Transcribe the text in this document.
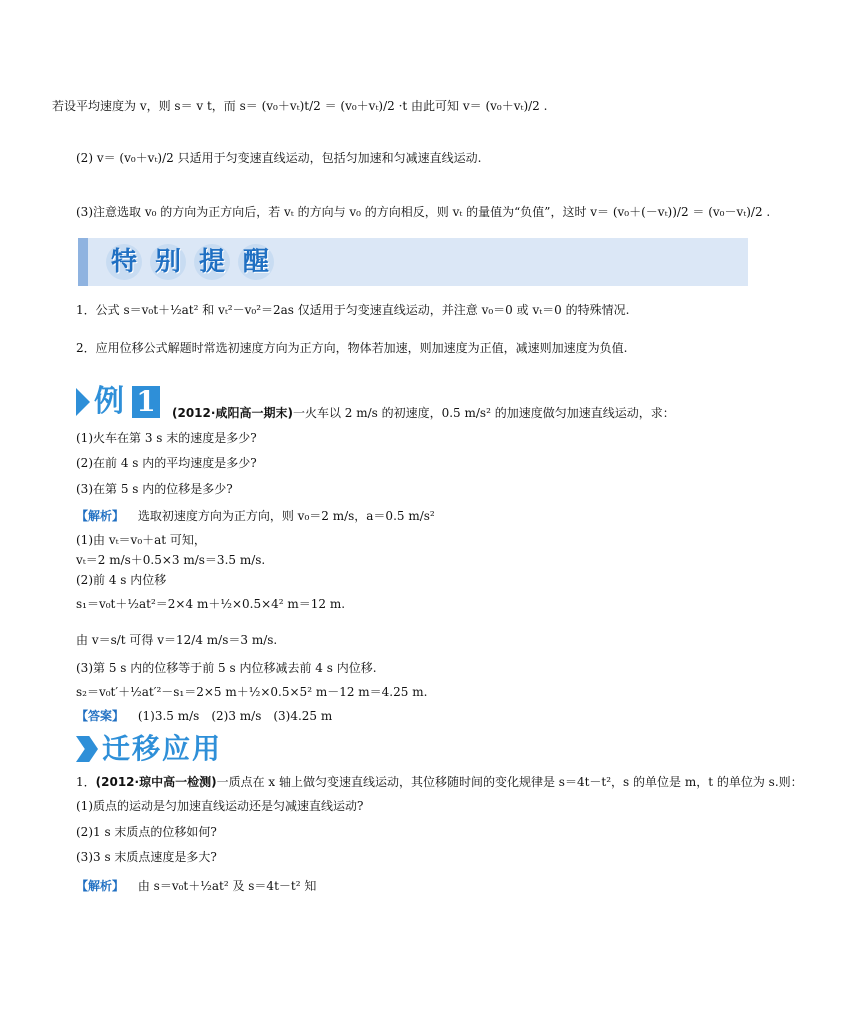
若设平均速度为 v，则 s＝ v t，而 s＝ (v₀＋vₜ)t/2 ＝ (v₀＋vₜ)/2 ·t 由此可知 v＝ (v₀＋vₜ)/2 .
(2) v＝ (v₀＋vₜ)/2 只适用于匀变速直线运动，包括匀加速和匀减速直线运动.
(3)注意选取 v₀ 的方向为正方向后，若 vₜ 的方向与 v₀ 的方向相反，则 vₜ 的量值为“负值”，这时 v＝ (v₀＋(－vₜ))/2 ＝ (v₀－vₜ)/2 .
特 别 提 醒
1．公式 s＝v₀t＋½at² 和 vₜ²－v₀²＝2as 仅适用于匀变速直线运动，并注意 v₀＝0 或 vₜ＝0 的特殊情况.
2．应用位移公式解题时常选初速度方向为正方向，物体若加速，则加速度为正值，减速则加速度为负值.
例 1	(2012·咸阳高一期末)一火车以 2 m/s 的初速度，0.5 m/s² 的加速度做匀加速直线运动，求：
(1)火车在第 3 s 末的速度是多少?
(2)在前 4 s 内的平均速度是多少?
(3)在第 5 s 内的位移是多少?
【解析】 选取初速度方向为正方向，则 v₀＝2 m/s，a＝0.5 m/s²
(1)由 vₜ＝v₀＋at 可知，
vₜ＝2 m/s＋0.5×3 m/s＝3.5 m/s.
(2)前 4 s 内位移
s₁＝v₀t＋½at²＝2×4 m＋½×0.5×4² m＝12 m.
由 v＝s/t 可得 v＝12/4 m/s＝3 m/s.
(3)第 5 s 内的位移等于前 5 s 内位移减去前 4 s 内位移.
s₂＝v₀t′＋½at′²－s₁＝2×5 m＋½×0.5×5² m－12 m＝4.25 m.
【答案】 (1)3.5 m/s　(2)3 m/s　(3)4.25 m
迁移应用
1．(2012·琼中高一检测)一质点在 x 轴上做匀变速直线运动，其位移随时间的变化规律是 s＝4t－t²，s 的单位是 m，t 的单位为 s.则：
(1)质点的运动是匀加速直线运动还是匀减速直线运动?
(2)1 s 末质点的位移如何?
(3)3 s 末质点速度是多大?
【解析】 由 s＝v₀t＋½at² 及 s＝4t－t² 知
